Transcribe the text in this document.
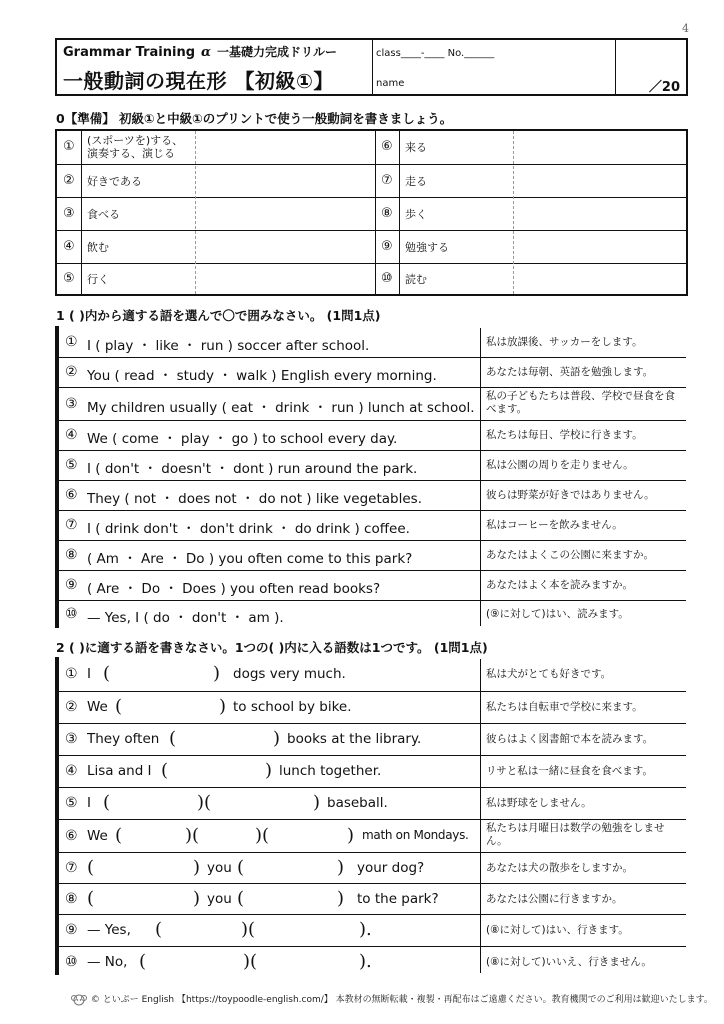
4
Grammar Training α 一基礎力完成ドリルー
一般動詞の現在形 【初級①】
class____-____ No.______
name	／20
0【準備】 初級①と中級①のプリントで使う一般動詞を書きましょう。
① (スポーツを)する、
演奏する、演じる	⑥ 来る
② 好きである	⑦ 走る
③ 食べる	⑧ 歩く
④ 飲む	⑨ 勉強する
⑤ 行く	⑩ 読む
1 ( )内から適する語を選んで〇で囲みなさい。 (1問1点)
① I ( play ・ like ・ run ) soccer after school.	私は放課後、サッカーをします。
② You ( read ・ study ・ walk ) English every morning.	あなたは毎朝、英語を勉強します。
③ My children usually ( eat ・ drink ・ run ) lunch at school.
私の子どもたちは普段、学校で昼食を食べます。
④ We ( come ・ play ・ go ) to school every day.	私たちは毎日、学校に行きます。
⑤ I ( don't ・ doesn't ・ dont ) run around the park.	私は公園の周りを走りません。
⑥ They ( not ・ does not ・ do not ) like vegetables.	彼らは野菜が好きではありません。
⑦ I ( drink don't ・ don't drink ・ do drink ) coffee.	私はコーヒーを飲みません。
⑧ ( Am ・ Are ・ Do ) you often come to this park?	あなたはよくこの公園に来ますか。
⑨ ( Are ・ Do ・ Does ) you often read books?	あなたはよく本を読みますか。
⑩ — Yes, I ( do ・ don't ・ am ).	(⑨に対して)はい、読みます。
2 ( )に適する語を書きなさい。1つの( )内に入る語数は1つです。 (1問1点)
① I (	) dogs very much.	私は犬がとても好きです。
② We (	) to school by bike.	私たちは自転車で学校に来ます。
③ They often (	) books at the library.	彼らはよく図書館で本を読みます。
④ Lisa and I (	) lunch together.	リサと私は一緒に昼食を食べます。
⑤ I (	)(	) baseball.	私は野球をしません。
⑥ We (	)(	)(	) math on Mondays. 私たちは月曜日は数学の勉強をしません。
⑦ (	) you (	) your dog?	あなたは犬の散歩をしますか。
⑧ (	) you (	) to the park?	あなたは公園に行きますか。
⑨ — Yes, (	)(	).	(⑧に対して)はい、行きます。
⑩ — No, (	)(	).	(⑧に対して)いいえ、行きません。
© といぷー English 【https://toypoodle-english.com/】 本教材の無断転載・複製・再配布はご遠慮ください。教育機関でのご利用は歓迎いたします。
